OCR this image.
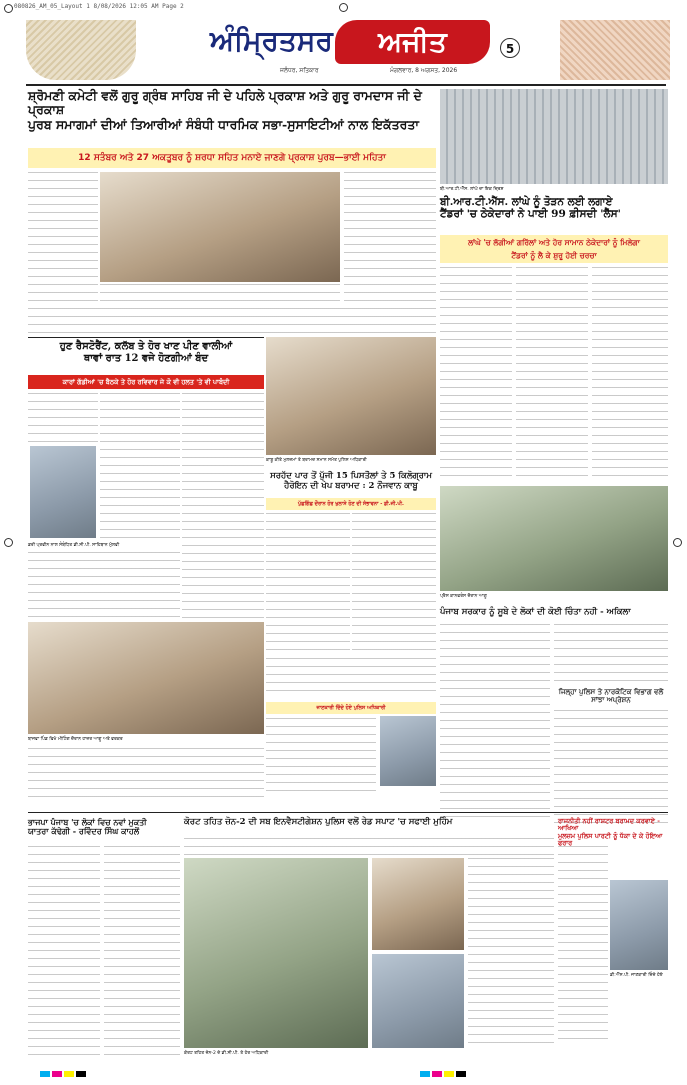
080826_AM_05_Layout 1 8/08/2026 12:05 AM Page 2
ਅੰਮ੍ਰਿਤਸਰ	ਅਜੀਤ
ਜਲੰਧਰ, ਸਤਿਕਾਰ	ਮੰਗਲਵਾਰ, 8 ਅਗਸਤ, 2026
5
ਸ਼੍ਰੋਮਣੀ ਕਮੇਟੀ ਵਲੋਂ ਗੁਰੂ ਗ੍ਰੰਥ ਸਾਹਿਬ ਜੀ ਦੇ ਪਹਿਲੇ ਪ੍ਰਕਾਸ਼ ਅਤੇ ਗੁਰੂ ਰਾਮਦਾਸ ਜੀ ਦੇ ਪ੍ਰਕਾਸ਼
ਪੁਰਬ ਸਮਾਗਮਾਂ ਦੀਆਂ ਤਿਆਰੀਆਂ ਸੰਬੰਧੀ ਧਾਰਮਿਕ ਸਭਾ-ਸੁਸਾਇਟੀਆਂ ਨਾਲ ਇਕੱਤਰਤਾ
12 ਸਤੰਬਰ ਅਤੇ 27 ਅਕਤੂਬਰ ਨੂੰ ਸ਼ਰਧਾ ਸਹਿਤ ਮਨਾਏ ਜਾਣਗੇ ਪ੍ਰਕਾਸ਼ ਪੁਰਬ—ਭਾਈ ਮਹਿਤਾ
ਬੀ.ਆਰ.ਟੀ.ਐੱਸ. ਲਾਂਘੇ ਦਾ ਇਕ ਦ੍ਰਿਸ਼
ਬੀ.ਆਰ.ਟੀ.ਐੱਸ. ਲਾਂਘੇ ਨੂੰ ਤੋੜਨ ਲਈ ਲਗਾਏ
ਟੈਂਡਰਾਂ 'ਚ ਠੇਕੇਦਾਰਾਂ ਨੇ ਪਾਈ 99 ਫ਼ੀਸਦੀ 'ਲੈੱਸ'
ਲਾਂਘੇ 'ਚ ਲੱਗੀਆਂ ਗਰਿੱਲਾਂ ਅਤੇ ਹੋਰ ਸਾਮਾਨ ਠੇਕੇਦਾਰਾਂ ਨੂੰ ਮਿਲੇਗਾ
ਟੈਂਡਰਾਂ ਨੂੰ ਲੈ ਕੇ ਸ਼ੁਰੂ ਹੋਈ ਚਰਚਾ
ਹੁਣ ਰੈਸਟੋਰੈਂਟ, ਕਲੱਬ ਤੇ ਹੋਰ ਖਾਣ ਪੀਣ ਵਾਲੀਆਂ
ਥਾਵਾਂ ਰਾਤ 12 ਵਜੇ ਹੋਣਗੀਆਂ ਬੰਦ
ਕਾਰਾਂ ਗੱਡੀਆਂ 'ਚ ਬੈਠਕੇ ਤੇ ਹੋਰ ਰਵਿਵਾਰ ਜੇ ਕੋ ਵੀ ਹਲਤ 'ਤੇ ਵੀ ਪਾਬੰਦੀ
ਡਰੀ ਪ੍ਰਵੀਨ ਨਾਲ ਸੰਬੰਧਿਤ ਡੀ.ਸੀ.ਪੀ. ਸਾਹਿਬਾਨ ਮੁੱਲਵੀ
ਕਾਬੂ ਕੀਤੇ ਮੁਲਜ਼ਮਾਂ ਤੇ ਬਰਾਮਦ ਸਮਾਨ ਸਮੇਤ ਪੁਲਿਸ ਅਧਿਕਾਰੀ
ਸਰਹੱਦ ਪਾਰ ਤੋਂ ਪੁੱਜੀ 15 ਪਿਸਤੌਲਾਂ ਤੇ 5 ਕਿਲੋਗ੍ਰਾਮ
ਹੈਰੋਇਨ ਦੀ ਖੇਪ ਬਰਾਮਦ : 2 ਨੌਜਵਾਨ ਕਾਬੂ
ਪੁੱਛਗਿੱਛ ਦੌਰਾਨ ਹੋਰ ਖੁਲਾਸੇ ਹੋਣ ਦੀ ਸੰਭਾਵਨਾ - ਡੀ.ਜੀ.ਪੀ.
ਪ੍ਰੈਸ ਕਾਨਫਰੰਸ ਦੌਰਾਨ ਆਗੂ
ਪੰਜਾਬ ਸਰਕਾਰ ਨੂੰ ਸੂਬੇ ਦੇ ਲੋਕਾਂ ਦੀ ਕੋਈ ਚਿੰਤਾ ਨਹੀ - ਅਕਿਲਾ
ਜਿਲ੍ਹਾ ਪੁਲਿਸ ਤੇ ਨਾਰਕੋਟਿਕ ਵਿਭਾਗ ਵਲੋਂ
ਸਾਂਝਾ ਅਪ੍ਰੇਸ਼ਨ
ਬਾਜਵਾ ਪਿੰਡ ਵਿਖੇ ਮੀਟਿੰਗ ਦੌਰਾਨ ਹਾਜ਼ਰ ਆਗੂ ਅਤੇ ਵਰਕਰ
ਜਾਣਕਾਰੀ ਦਿੰਦੇ ਹੋਏ ਪੁਲਿਸ ਅਧਿਕਾਰੀ
ਭਾਜਪਾ ਪੰਜਾਬ 'ਚ ਲੋਕਾਂ ਵਿਚ ਨਵਾਂ ਮੁਕਤੀ
ਯਾਤਰਾ ਕੱਢੇਗੀ - ਰਵਿੰਦਰ ਸਿੰਘ ਕਾਹਲੋਂ
ਕੋਰਟ ਤਹਿਤ ਜ਼ੋਨ-2 ਦੀ ਸਬ ਇਨਵੈਸਟੀਗੇਸ਼ਨ ਪੁਲਿਸ ਵਲੋਂ ਰੇਡ ਸਪਾਟ 'ਚ ਸਫਾਈ ਮੁਹਿੰਮ
ਕੋਰਟ ਤਹਿਤ ਜ਼ੋਨ-2 ਦੇ ਡੀ.ਸੀ.ਪੀ. ਤੇ ਹੋਰ ਅਧਿਕਾਰੀ
ਰਾਜਨੀਤੀ ਨਹੀਂ ਰਾਸ਼ਟਰ ਬਰਾਮਦ ਕਰਵਾਏ - ਆਖਿਆ
ਮੁਲਜ਼ਮ ਪੁਲਿਸ ਪਾਰਟੀ ਨੂੰ ਧੱਕਾ ਦੇ ਕੇ ਹੋਇਆ ਫਰਾਰ
ਡੀ.ਐੱਸ.ਪੀ. ਜਾਣਕਾਰੀ ਦਿੰਦੇ ਹੋਏ
